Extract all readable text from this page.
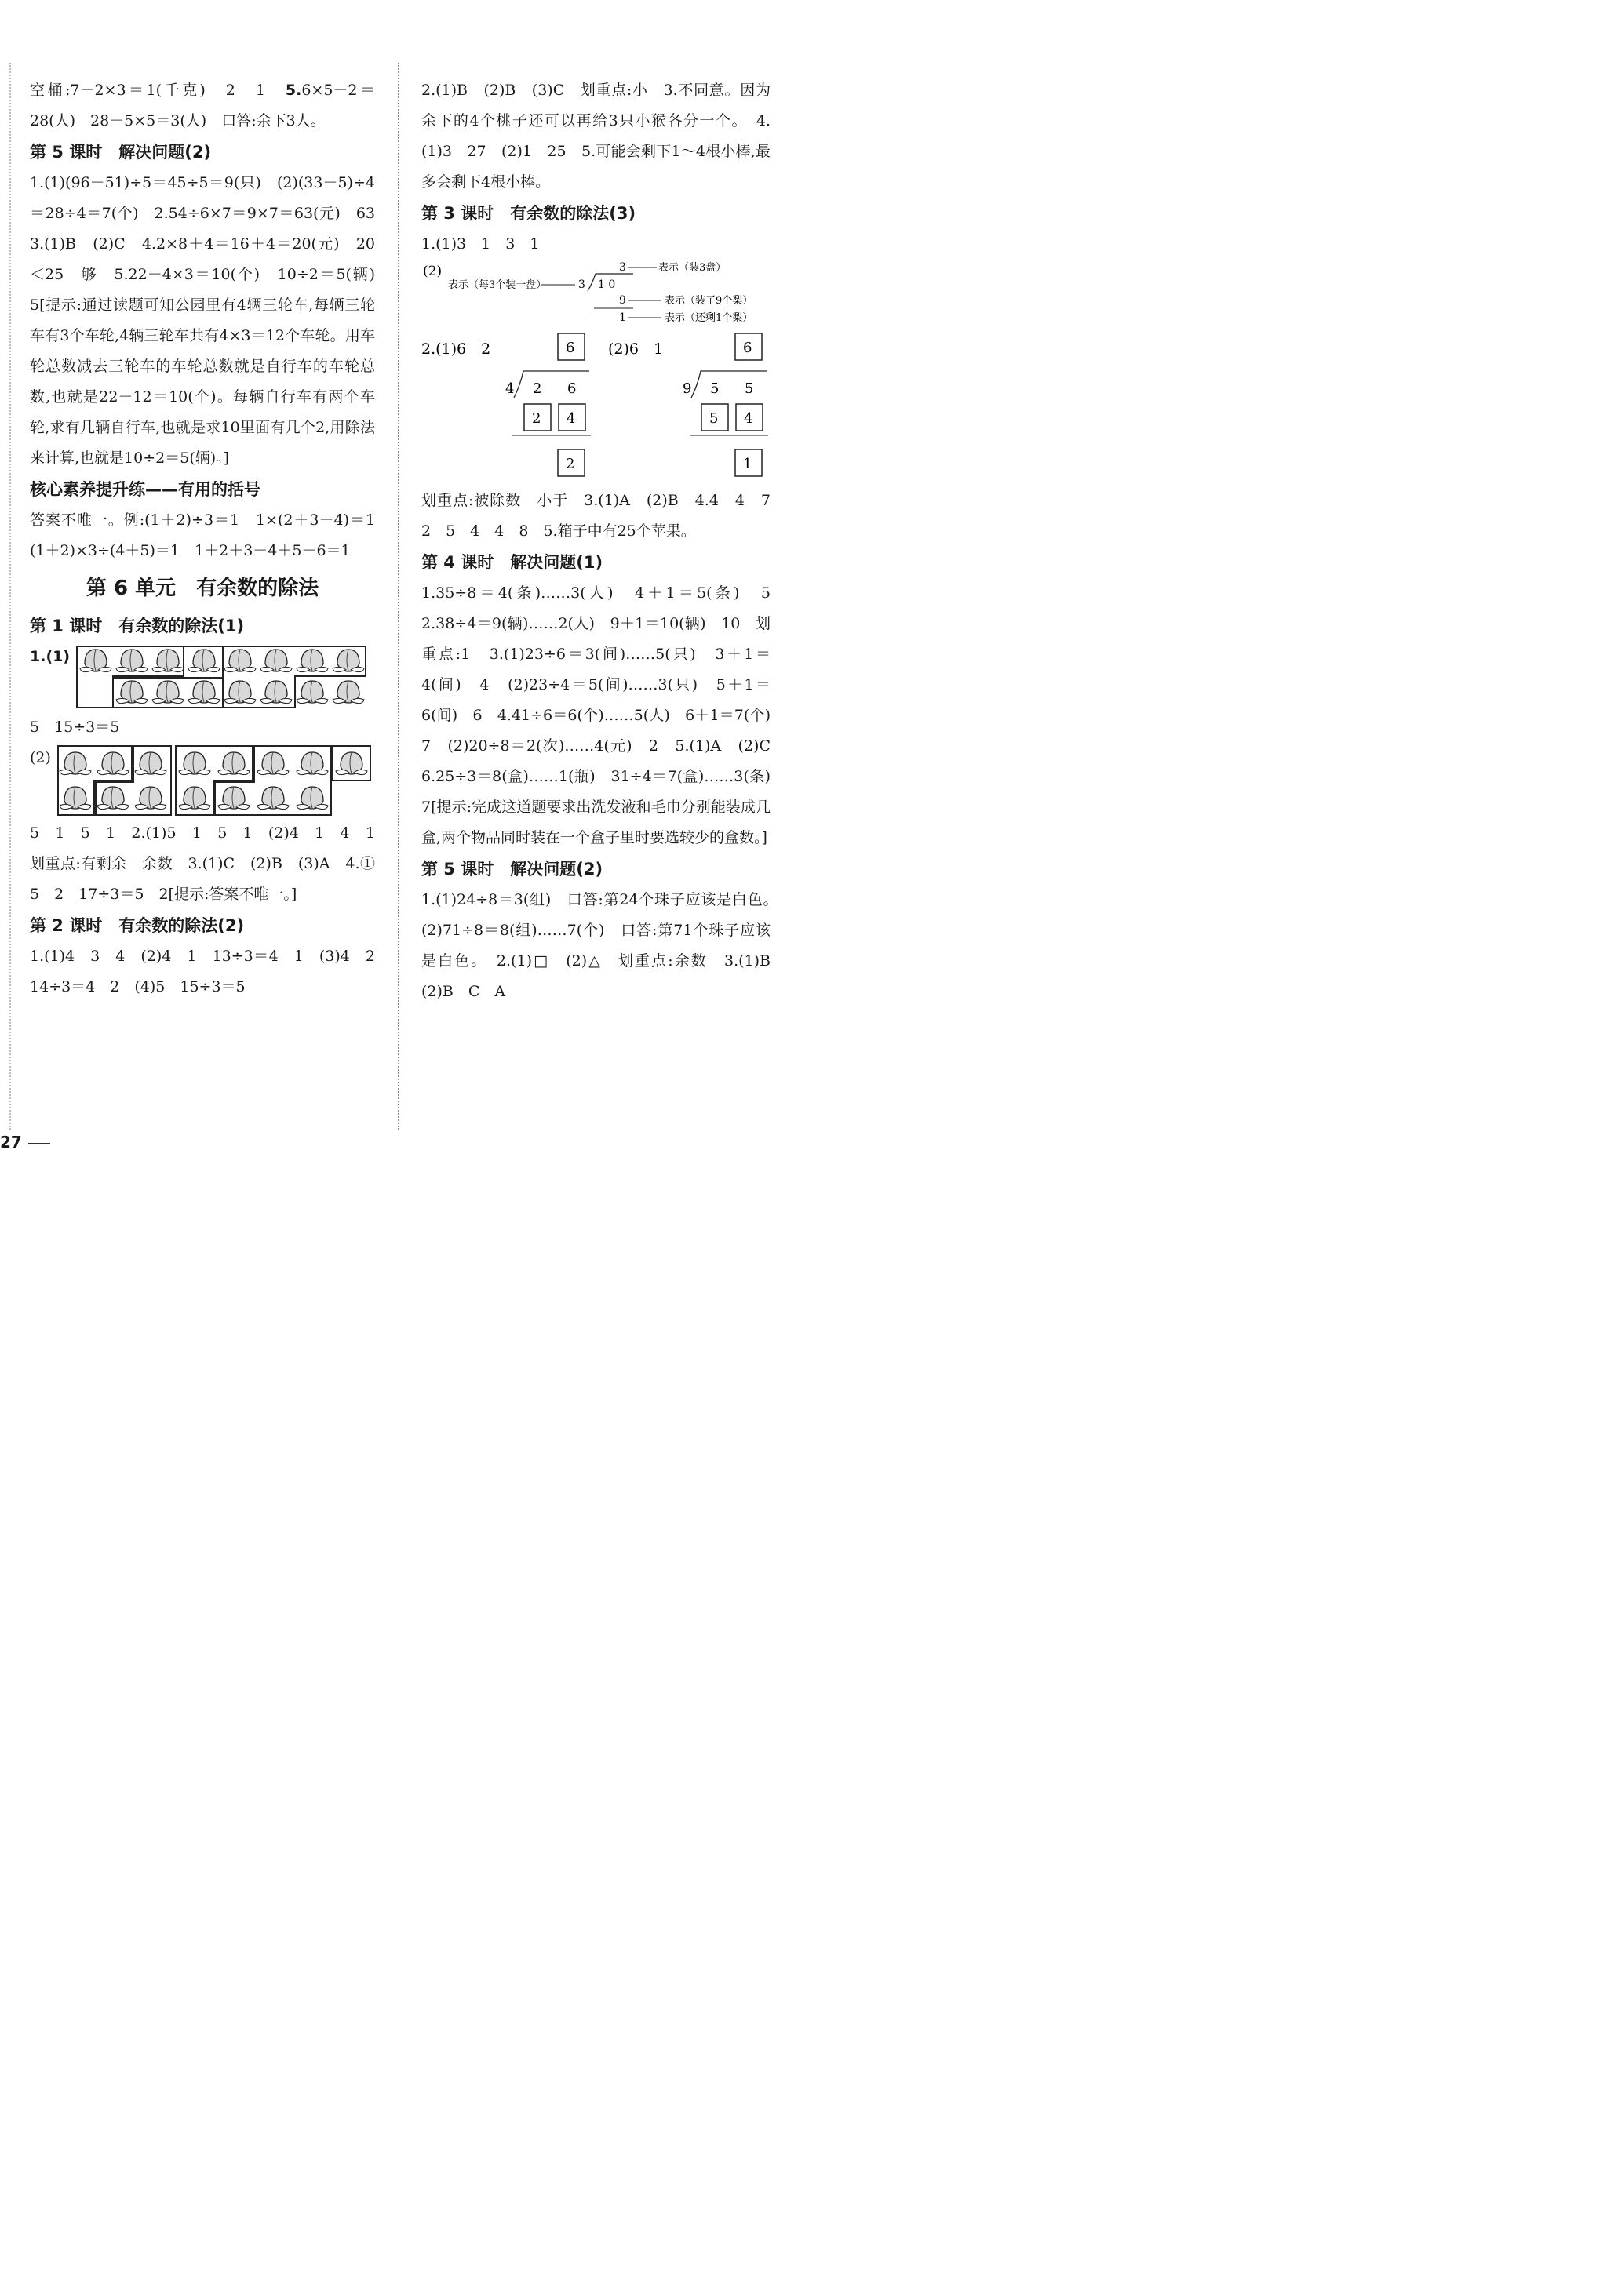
空桶:7－2×3＝1(千克)　2　1　5.6×5－2＝28(人)　28－5×5＝3(人)　口答:余下3人。

第 5 课时　解决问题(2)

1.(1)(96－51)÷5＝45÷5＝9(只)　(2)(33－5)÷4＝28÷4＝7(个)　2.54÷6×7＝9×7＝63(元)　63　3.(1)B　(2)C　4.2×8＋4＝16＋4＝20(元)　20＜25　够　5.22－4×3＝10(个)　10÷2＝5(辆)　5[提示:通过读题可知公园里有4辆三轮车,每辆三轮车有3个车轮,4辆三轮车共有4×3＝12个车轮。用车轮总数减去三轮车的车轮总数就是自行车的车轮总数,也就是22－12＝10(个)。每辆自行车有两个车轮,求有几辆自行车,也就是求10里面有几个2,用除法来计算,也就是10÷2＝5(辆)。]

核心素养提升练——有用的括号

答案不唯一。例:(1＋2)÷3＝1　1×(2＋3－4)＝1　(1＋2)×3÷(4＋5)＝1　1＋2＋3－4＋5－6＝1

第 6 单元　有余数的除法

第 1 课时　有余数的除法(1)

1.(1)

5　15÷3＝5

(2)

5　1　5　1　2.(1)5　1　5　1　(2)4　1　4　1　划重点:有剩余　余数　3.(1)C　(2)B　(3)A　4.①　5　2　17÷3＝5　2[提示:答案不唯一。]

第 2 课时　有余数的除法(2)

1.(1)4　3　4　(2)4　1　13÷3＝4　1　(3)4　2　14÷3＝4　2　(4)5　15÷3＝5

2.(1)B　(2)B　(3)C　划重点:小　3.不同意。因为余下的4个桃子还可以再给3只小猴各分一个。　4.(1)3　27　(2)1　25　5.可能会剩下1～4根小棒,最多会剩下4根小棒。

第 3 课时　有余数的除法(3)

1.(1)3　1　3　1

(2)	3	表示（装3盘）
表示（每3个装一盘）	3 1 0
9	表示（装了9个梨）
1	表示（还剩1个梨）
2.(1)6　2	(2)6　1
6
4 2 6
2 4
2
6
9 5 5
5 4
1

划重点:被除数　小于　3.(1)A　(2)B　4.4　4　7　2　5　4　4　8　5.箱子中有25个苹果。

第 4 课时　解决问题(1)

1.35÷8＝4(条)……3(人)　4＋1＝5(条)　5　2.38÷4＝9(辆)……2(人)　9＋1＝10(辆)　10　划重点:1　3.(1)23÷6＝3(间)……5(只)　3＋1＝4(间)　4　(2)23÷4＝5(间)……3(只)　5＋1＝6(间)　6　4.41÷6＝6(个)……5(人)　6＋1＝7(个)　7　(2)20÷8＝2(次)……4(元)　2　5.(1)A　(2)C　6.25÷3＝8(盒)……1(瓶)　31÷4＝7(盒)……3(条)　7[提示:完成这道题要求出洗发液和毛巾分别能装成几盒,两个物品同时装在一个盒子里时要选较少的盒数。]

第 5 课时　解决问题(2)

1.(1)24÷8＝3(组)　口答:第24个珠子应该是白色。　(2)71÷8＝8(组)……7(个)　口答:第71个珠子应该是白色。　2.(1)□　(2)△　划重点:余数　3.(1)B　(2)B　C　A

27
